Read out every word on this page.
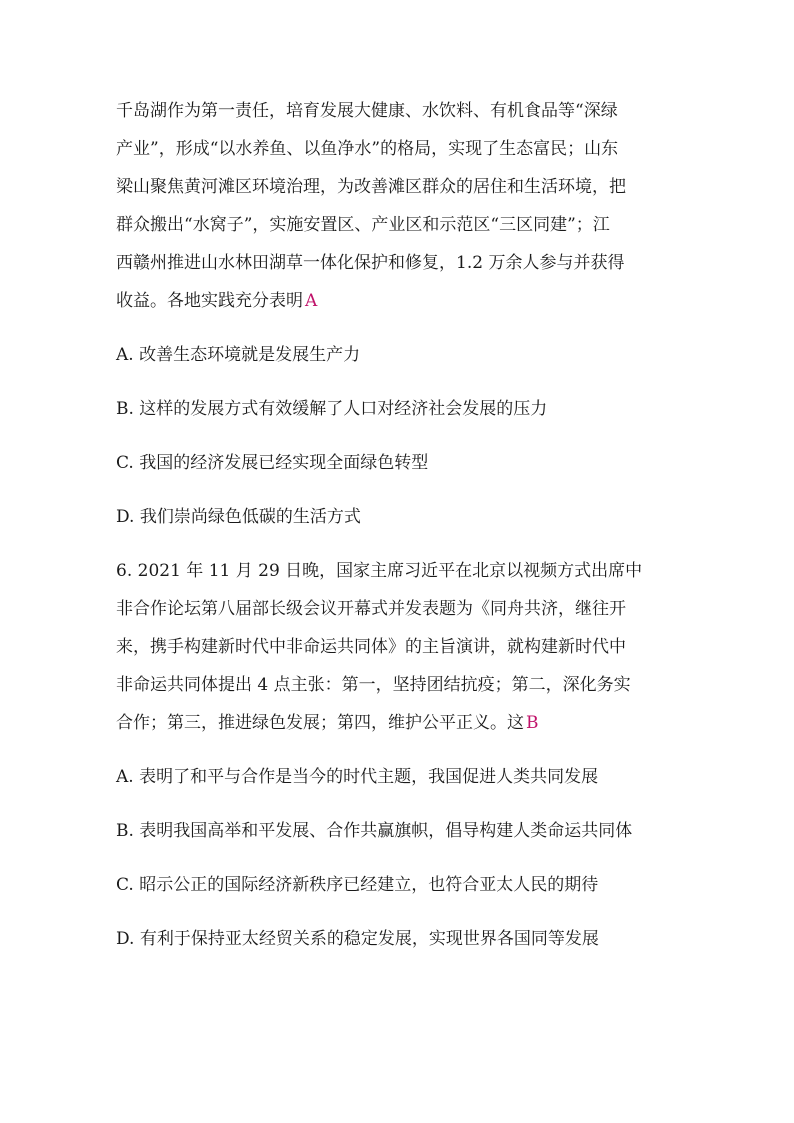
千岛湖作为第一责任，培育发展大健康、水饮料、有机食品等“深绿

产业”，形成“以水养鱼、以鱼净水”的格局，实现了生态富民；山东

梁山聚焦黄河滩区环境治理，为改善滩区群众的居住和生活环境，把

群众搬出“水窝子”，实施安置区、产业区和示范区“三区同建”；江

西赣州推进山水林田湖草一体化保护和修复，1.2 万余人参与并获得

收益。各地实践充分表明 A

A. 改善生态环境就是发展生产力

B. 这样的发展方式有效缓解了人口对经济社会发展的压力

C. 我国的经济发展已经实现全面绿色转型

D. 我们崇尚绿色低碳的生活方式

6. 2021 年 11 月 29 日晚，国家主席习近平在北京以视频方式出席中

非合作论坛第八届部长级会议开幕式并发表题为《同舟共济，继往开

来，携手构建新时代中非命运共同体》的主旨演讲，就构建新时代中

非命运共同体提出 4 点主张：第一，坚持团结抗疫；第二，深化务实

合作；第三，推进绿色发展；第四，维护公平正义。这 B

A. 表明了和平与合作是当今的时代主题，我国促进人类共同发展

B. 表明我国高举和平发展、合作共赢旗帜，倡导构建人类命运共同体

C. 昭示公正的国际经济新秩序已经建立，也符合亚太人民的期待

D. 有利于保持亚太经贸关系的稳定发展，实现世界各国同等发展
